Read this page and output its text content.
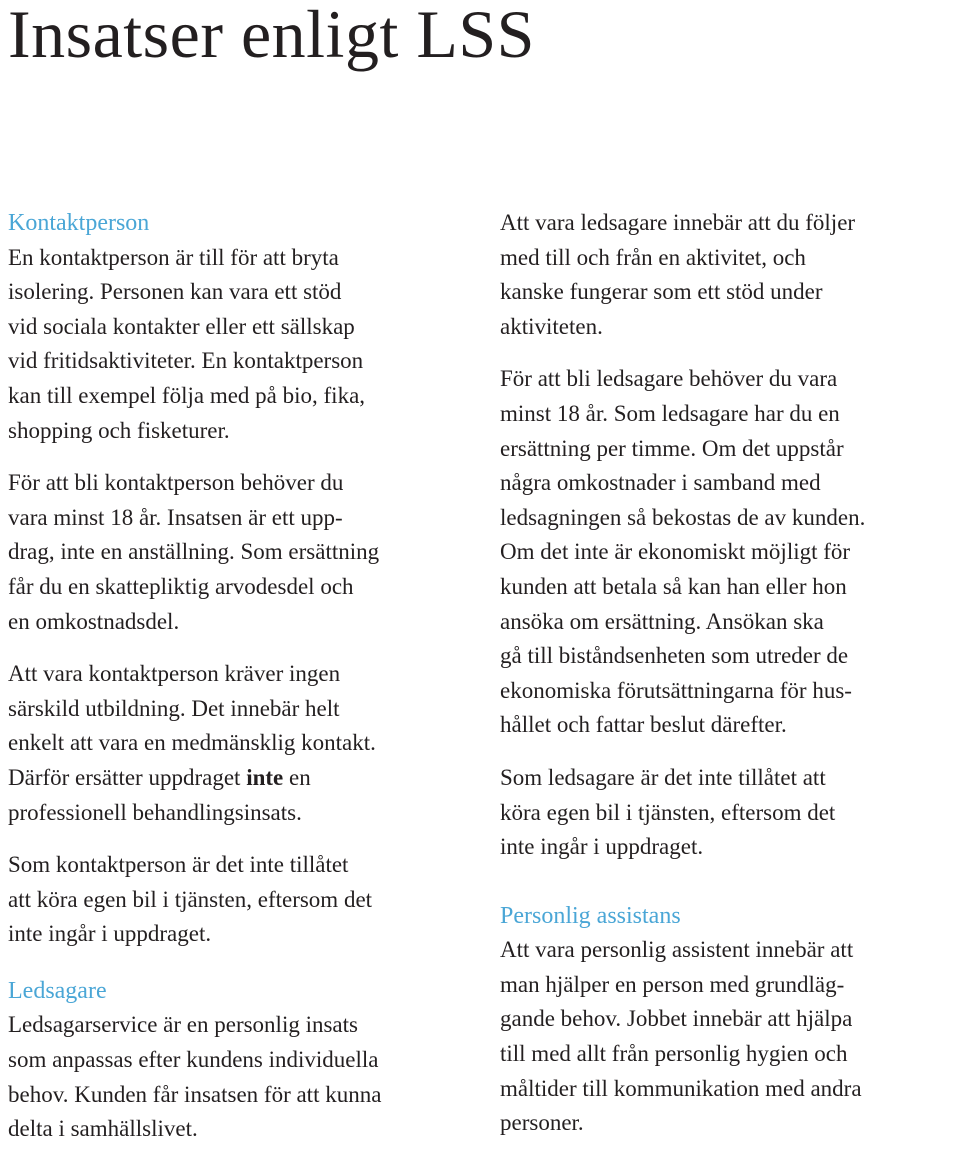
Insatser enligt LSS
Kontaktperson

En kontaktperson är till för att bryta
isolering. Personen kan vara ett stöd
vid sociala kontakter eller ett sällskap
vid fritidsaktiviteter. En kontaktperson
kan till exempel följa med på bio, fika,
shopping och fisketurer.

För att bli kontaktperson behöver du
vara minst 18 år. Insatsen är ett upp-
drag, inte en anställning. Som ersättning
får du en skattepliktig arvodesdel och
en omkostnadsdel.

Att vara kontaktperson kräver ingen
särskild utbildning. Det innebär helt
enkelt att vara en medmänsklig kontakt.
Därför ersätter uppdraget inte en
professionell behandlingsinsats.

Som kontaktperson är det inte tillåtet
att köra egen bil i tjänsten, eftersom det
inte ingår i uppdraget.

Ledsagare

Ledsagarservice är en personlig insats
som anpassas efter kundens individuella
behov. Kunden får insatsen för att kunna
delta i samhällslivet.

Att vara ledsagare innebär att du följer
med till och från en aktivitet, och
kanske fungerar som ett stöd under
aktiviteten.

För att bli ledsagare behöver du vara
minst 18 år. Som ledsagare har du en
ersättning per timme. Om det uppstår
några omkostnader i samband med
ledsagningen så bekostas de av kunden.
Om det inte är ekonomiskt möjligt för
kunden att betala så kan han eller hon
ansöka om ersättning. Ansökan ska
gå till biståndsenheten som utreder de
ekonomiska förutsättningarna för hus-
hållet och fattar beslut därefter.

Som ledsagare är det inte tillåtet att
köra egen bil i tjänsten, eftersom det
inte ingår i uppdraget.

Personlig assistans

Att vara personlig assistent innebär att
man hjälper en person med grundläg-
gande behov. Jobbet innebär att hjälpa
till med allt från personlig hygien och
måltider till kommunikation med andra
personer.
